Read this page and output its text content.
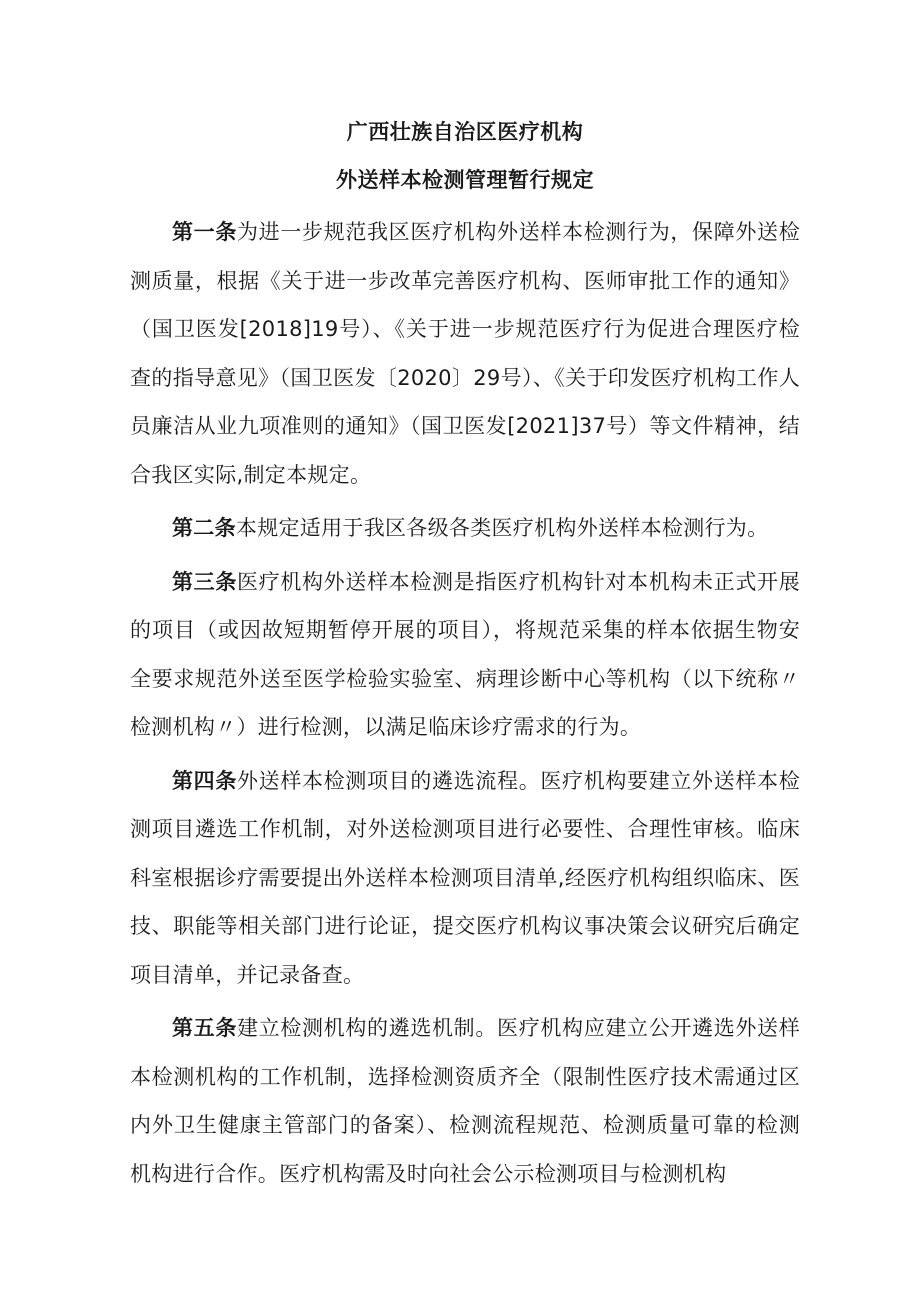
广西壮族自治区医疗机构
外送样本检测管理暂行规定

第一条为进一步规范我区医疗机构外送样本检测行为，保障外送检测质量，根据《关于进一步改革完善医疗机构、医师审批工作的通知》（国卫医发[2018]19号）、《关于进一步规范医疗行为促进合理医疗检查的指导意见》（国卫医发〔2020〕29号）、《关于印发医疗机构工作人员廉洁从业九项准则的通知》（国卫医发[2021]37号）等文件精神，结合我区实际,制定本规定。

第二条本规定适用于我区各级各类医疗机构外送样本检测行为。

第三条医疗机构外送样本检测是指医疗机构针对本机构未正式开展的项目（或因故短期暂停开展的项目），将规范采集的样本依据生物安全要求规范外送至医学检验实验室、病理诊断中心等机构（以下统称〃检测机构〃）进行检测，以满足临床诊疗需求的行为。

第四条外送样本检测项目的遴选流程。医疗机构要建立外送样本检测项目遴选工作机制，对外送检测项目进行必要性、合理性审核。临床科室根据诊疗需要提出外送样本检测项目清单,经医疗机构组织临床、医技、职能等相关部门进行论证，提交医疗机构议事决策会议研究后确定项目清单，并记录备查。

第五条建立检测机构的遴选机制。医疗机构应建立公开遴选外送样本检测机构的工作机制，选择检测资质齐全（限制性医疗技术需通过区内外卫生健康主管部门的备案）、检测流程规范、检测质量可靠的检测机构进行合作。医疗机构需及时向社会公示检测项目与检测机构
